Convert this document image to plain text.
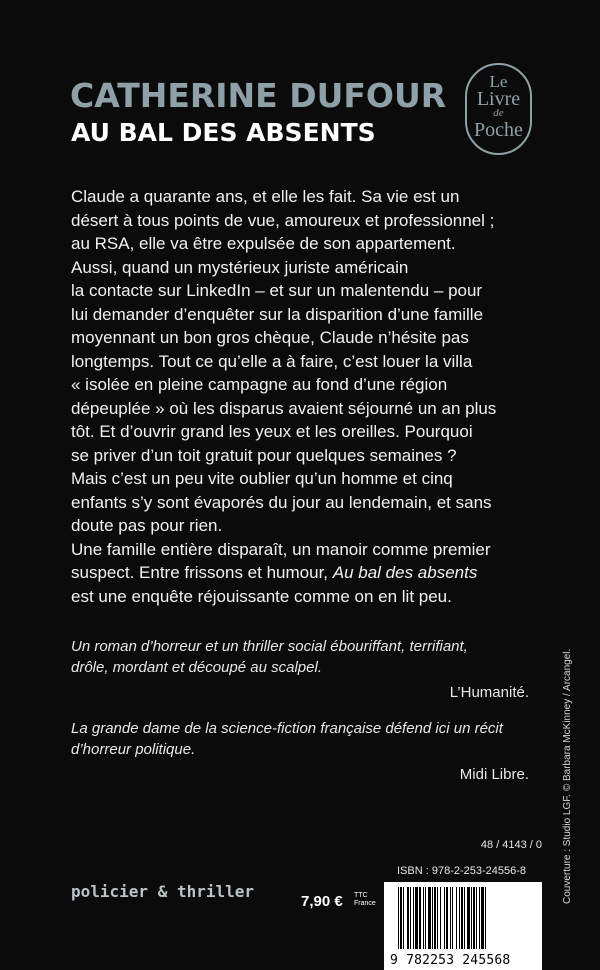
CATHERINE DUFOUR
AU BAL DES ABSENTS
Le
Livre
de
Poche
Claude a quarante ans, et elle les fait. Sa vie est un
désert à tous points de vue, amoureux et professionnel ;
au RSA, elle va être expulsée de son appartement.
Aussi, quand un mystérieux juriste américain
la contacte sur LinkedIn – et sur un malentendu – pour
lui demander d’enquêter sur la disparition d’une famille
moyennant un bon gros chèque, Claude n’hésite pas
longtemps. Tout ce qu’elle a à faire, c’est louer la villa
« isolée en pleine campagne au fond d’une région
dépeuplée » où les disparus avaient séjourné un an plus
tôt. Et d’ouvrir grand les yeux et les oreilles. Pourquoi
se priver d’un toit gratuit pour quelques semaines ?
Mais c’est un peu vite oublier qu’un homme et cinq
enfants s’y sont évaporés du jour au lendemain, et sans
doute pas pour rien.
Une famille entière disparaît, un manoir comme premier
suspect. Entre frissons et humour, Au bal des absents
est une enquête réjouissante comme on en lit peu.
Un roman d’horreur et un thriller social ébouriffant, terrifiant,
drôle, mordant et découpé au scalpel.
L’Humanité.
La grande dame de la science-fiction française défend ici un récit
d’horreur politique.
Midi Libre.	Couverture : Studio LGF. © Barbara McKinney / Arcangel.
48 / 4143 / 0
ISBN : 978-2-253-24556-8
policier & thriller
7,90 € TTC
France
9 782253 245568
